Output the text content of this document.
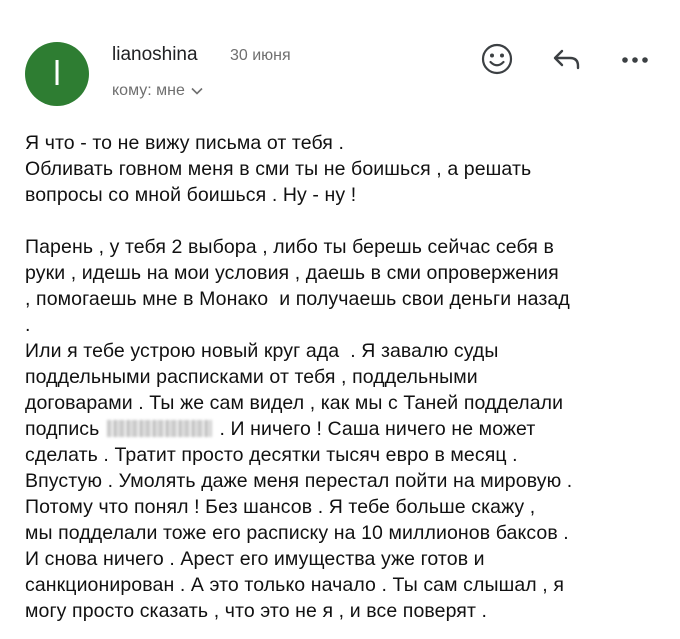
l	lianoshina 30 июня
кому: мне
Я что - то не вижу письма от тебя .
Обливать говном меня в сми ты не боишься , а решать
вопросы со мной боишься . Ну - ну !
Парень , у тебя 2 выбора , либо ты берешь сейчас себя в
руки , идешь на мои условия , даешь в сми опровержения
, помогаешь мне в Монако  и получаешь свои деньги назад
.
Или я тебе устрою новый круг ада  . Я завалю суды
поддельными расписками от тебя , поддельными
договарами . Ты же сам видел , как мы с Таней подделали
подпись	. И ничего ! Саша ничего не может
сделать . Тратит просто десятки тысяч евро в месяц .
Впустую . Умолять даже меня перестал пойти на мировую .
Потому что понял ! Без шансов . Я тебе больше скажу ,
мы подделали тоже его расписку на 10 миллионов баксов .
И снова ничего . Арест его имущества уже готов и
санкционирован . А это только начало . Ты сам слышал , я
могу просто сказать , что это не я , и все поверят .
